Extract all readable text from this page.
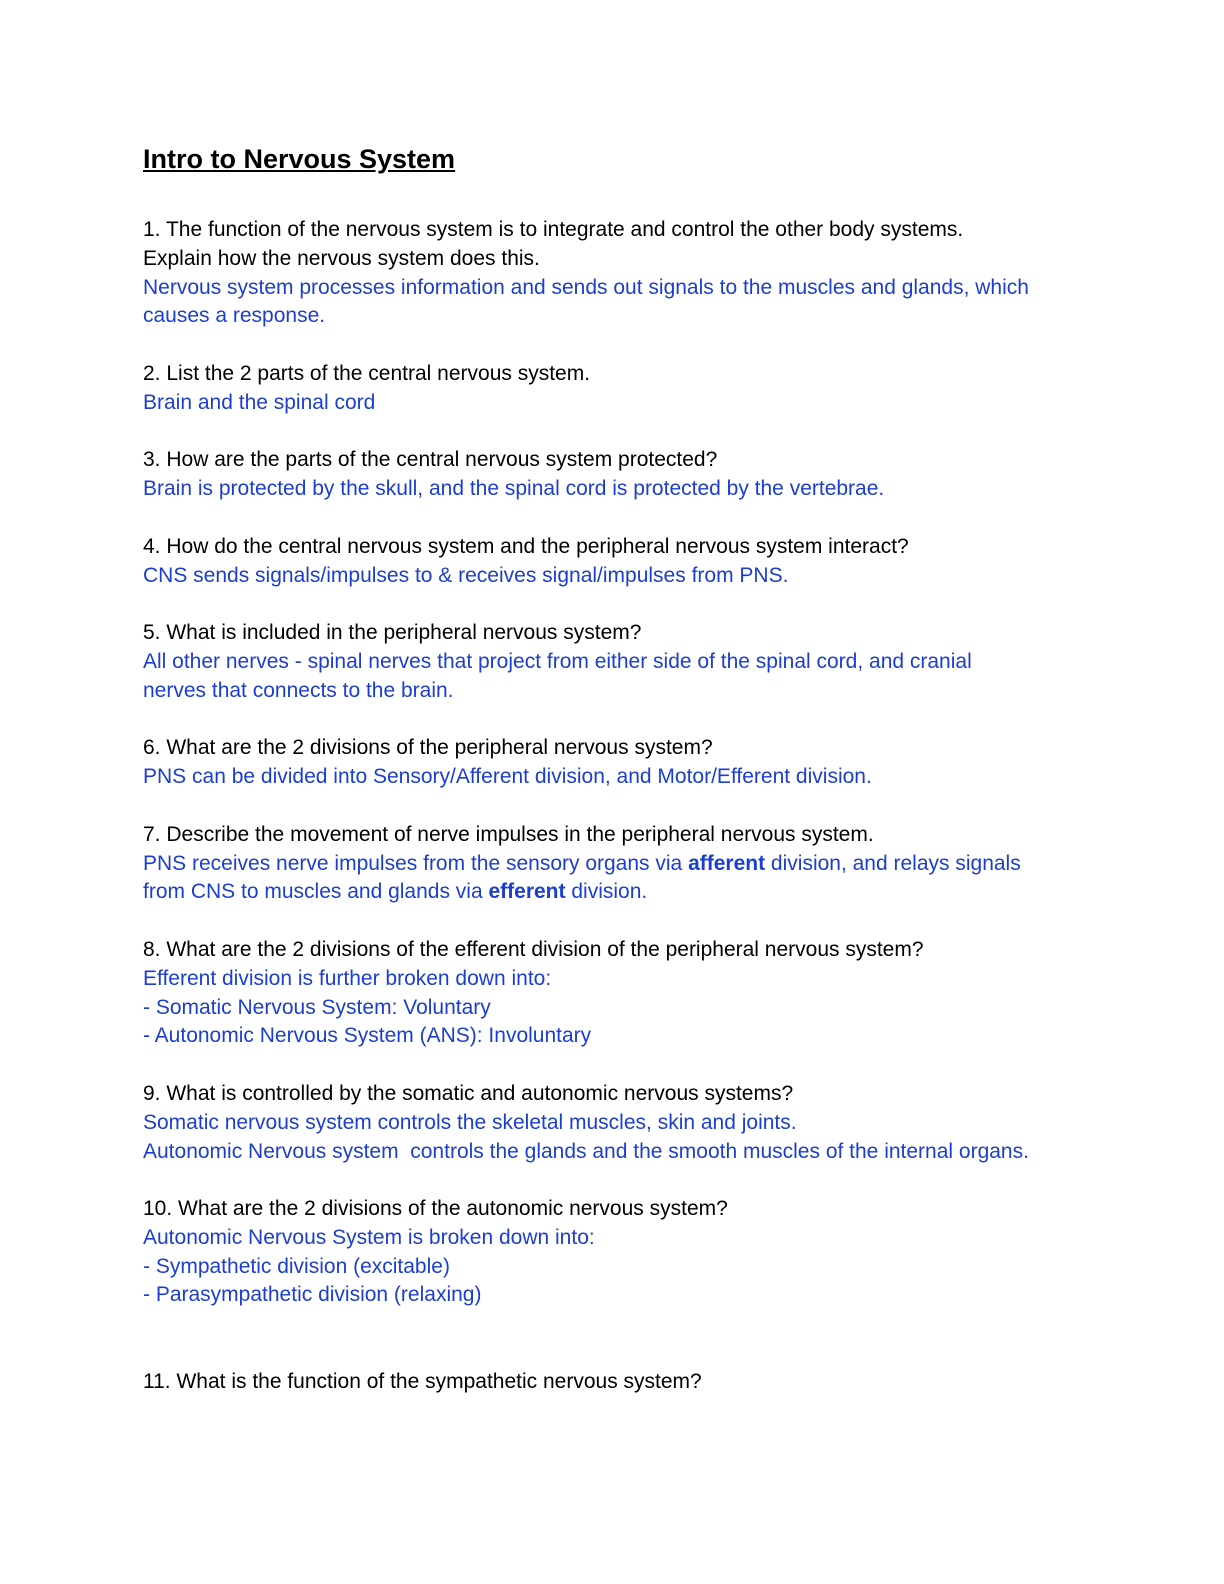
Intro to Nervous System

1. The function of the nervous system is to integrate and control the other body systems.
Explain how the nervous system does this.

Nervous system processes information and sends out signals to the muscles and glands, which
causes a response.

2. List the 2 parts of the central nervous system.

Brain and the spinal cord

3. How are the parts of the central nervous system protected?

Brain is protected by the skull, and the spinal cord is protected by the vertebrae.

4. How do the central nervous system and the peripheral nervous system interact?

CNS sends signals/impulses to & receives signal/impulses from PNS.

5. What is included in the peripheral nervous system?

All other nerves - spinal nerves that project from either side of the spinal cord, and cranial
nerves that connects to the brain.

6. What are the 2 divisions of the peripheral nervous system?

PNS can be divided into Sensory/Afferent division, and Motor/Efferent division.

7. Describe the movement of nerve impulses in the peripheral nervous system.

PNS receives nerve impulses from the sensory organs via afferent division, and relays signals
from CNS to muscles and glands via efferent division.

8. What are the 2 divisions of the efferent division of the peripheral nervous system?

Efferent division is further broken down into:

- Somatic Nervous System: Voluntary

- Autonomic Nervous System (ANS): Involuntary

9. What is controlled by the somatic and autonomic nervous systems?

Somatic nervous system controls the skeletal muscles, skin and joints.

Autonomic Nervous system  controls the glands and the smooth muscles of the internal organs.

10. What are the 2 divisions of the autonomic nervous system?

Autonomic Nervous System is broken down into:

- Sympathetic division (excitable)

- Parasympathetic division (relaxing)

11. What is the function of the sympathetic nervous system?
